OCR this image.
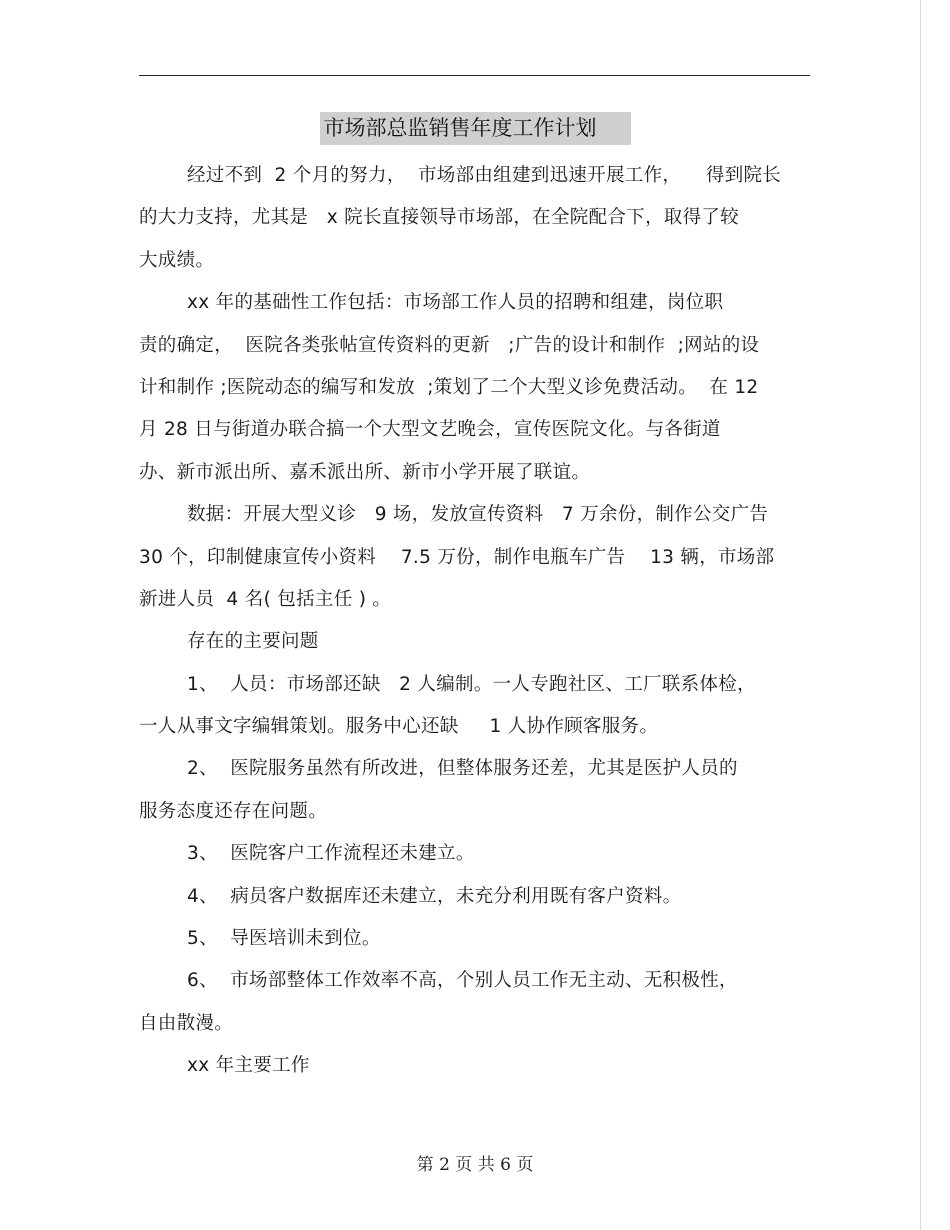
市场部总监销售年度工作计划
经过不到  2 个月的努力，  市场部由组建到迅速开展工作，    得到院长
的大力支持，尤其是   x 院长直接领导市场部，在全院配合下，取得了较
大成绩。
xx 年的基础性工作包括：市场部工作人员的招聘和组建，岗位职
责的确定，  医院各类张帖宣传资料的更新   ;广告的设计和制作  ;网站的设
计和制作 ;医院动态的编写和发放  ;策划了二个大型义诊免费活动。  在 12
月 28 日与街道办联合搞一个大型文艺晚会，宣传医院文化。与各街道
办、新市派出所、嘉禾派出所、新市小学开展了联谊。
数据：开展大型义诊   9 场，发放宣传资料   7 万余份，制作公交广告
30 个，印制健康宣传小资料    7.5 万份，制作电瓶车广告    13 辆，市场部
新进人员  4 名( 包括主任 ) 。
存在的主要问题
1、  人员：市场部还缺   2 人编制。一人专跑社区、工厂联系体检，
一人从事文字编辑策划。服务中心还缺     1 人协作顾客服务。
2、  医院服务虽然有所改进，但整体服务还差，尤其是医护人员的
服务态度还存在问题。
3、  医院客户工作流程还未建立。
4、  病员客户数据库还未建立，未充分利用既有客户资料。
5、  导医培训未到位。
6、  市场部整体工作效率不高，个别人员工作无主动、无积极性，
自由散漫。
xx 年主要工作
第 2 页 共 6 页
